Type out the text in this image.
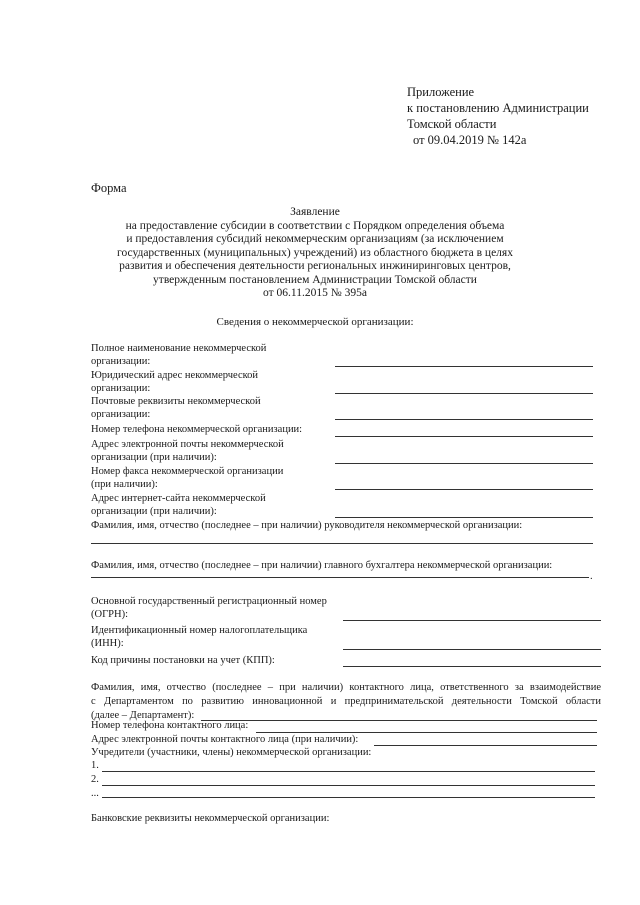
Приложение
к постановлению Администрации
Томской области
от 09.04.2019 № 142а
Форма
Заявление
на предоставление субсидии в соответствии с Порядком определения объема
и предоставления субсидий некоммерческим организациям (за исключением
государственных (муниципальных) учреждений) из областного бюджета в целях
развития и обеспечения деятельности региональных инжиниринговых центров,
утвержденным постановлением Администрации Томской области
от 06.11.2015 № 395а
Сведения о некоммерческой организации:
Полное наименование некоммерческой
организации:
Юридический адрес некоммерческой
организации:
Почтовые реквизиты некоммерческой
организации:
Номер телефона некоммерческой организации:
Адрес электронной почты некоммерческой
организации (при наличии):
Номер факса некоммерческой организации
(при наличии):
Адрес интернет-сайта некоммерческой
организации (при наличии):
Фамилия, имя, отчество (последнее – при наличии) руководителя некоммерческой организации:
Фамилия, имя, отчество (последнее – при наличии) главного бухгалтера некоммерческой организации:
.
Основной государственный регистрационный номер
(ОГРН):
Идентификационный номер налогоплательщика
(ИНН):
Код причины постановки на учет (КПП):
Фамилия, имя, отчество (последнее – при наличии) контактного лица, ответственного за взаимодействие
с Департаментом по развитию инновационной и предпринимательской деятельности Томской области
(далее – Департамент):
Номер телефона контактного лица:
Адрес электронной почты контактного лица (при наличии):
Учредители (участники, члены) некоммерческой организации:
1.
2.
...
Банковские реквизиты некоммерческой организации:
